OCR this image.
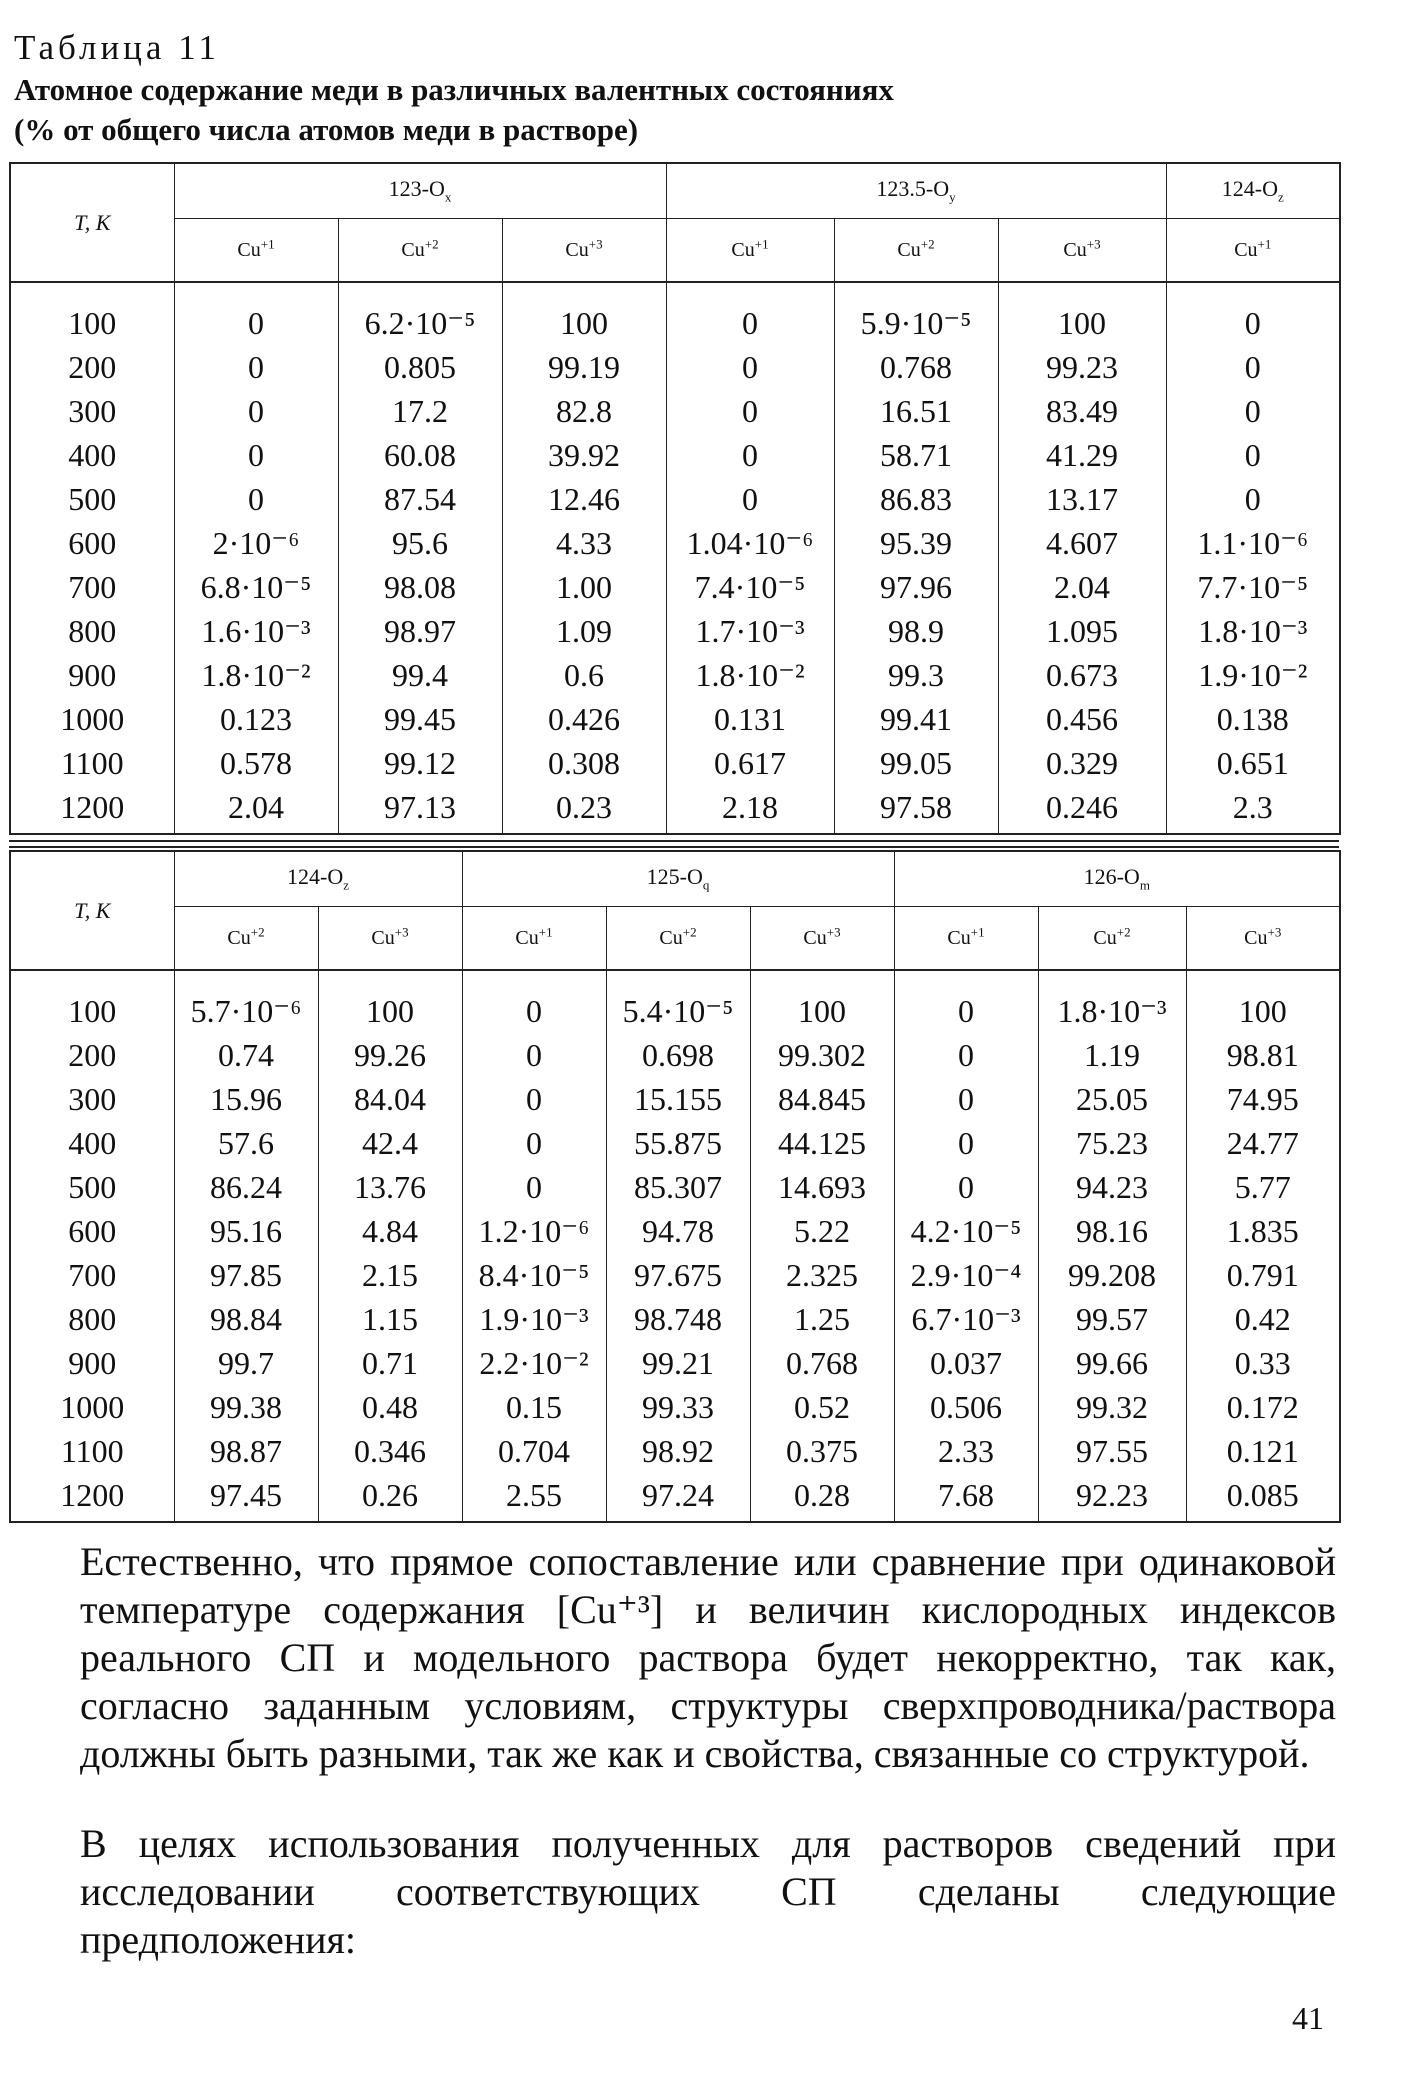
Таблица 11
Атомное содержание меди в различных валентных состояниях
(% от общего числа атомов меди в растворе)
T, K	$123-O_x$			$123.5-O_y$			$124-O_z$
	$Cu^{+1}$	$Cu^{+2}$	$Cu^{+3}$	$Cu^{+1}$	$Cu^{+2}$	$Cu^{+3}$	$Cu^{+1}$
100	0	6.2·10⁻⁵	100	0	5.9·10⁻⁵	100	0
200	0	0.805	99.19	0	0.768	99.23	0
300	0	17.2	82.8	0	16.51	83.49	0
400	0	60.08	39.92	0	58.71	41.29	0
500	0	87.54	12.46	0	86.83	13.17	0
600	2·10⁻⁶	95.6	4.33	1.04·10⁻⁶	95.39	4.607	1.1·10⁻⁶
700	6.8·10⁻⁵	98.08	1.00	7.4·10⁻⁵	97.96	2.04	7.7·10⁻⁵
800	1.6·10⁻³	98.97	1.09	1.7·10⁻³	98.9	1.095	1.8·10⁻³
900	1.8·10⁻²	99.4	0.6	1.8·10⁻²	99.3	0.673	1.9·10⁻²
1000	0.123	99.45	0.426	0.131	99.41	0.456	0.138
1100	0.578	99.12	0.308	0.617	99.05	0.329	0.651
1200	2.04	97.13	0.23	2.18	97.58	0.246	2.3
T, K	$124-O_z$		$125-O_q$			$126-O_m$
	$Cu^{+2}$	$Cu^{+3}$	$Cu^{+1}$	$Cu^{+2}$	$Cu^{+3}$	$Cu^{+1}$	$Cu^{+2}$	$Cu^{+3}$
100	5.7·10⁻⁶	100	0	5.4·10⁻⁵	100	0	1.8·10⁻³	100
200	0.74	99.26	0	0.698	99.302	0	1.19	98.81
300	15.96	84.04	0	15.155	84.845	0	25.05	74.95
400	57.6	42.4	0	55.875	44.125	0	75.23	24.77
500	86.24	13.76	0	85.307	14.693	0	94.23	5.77
600	95.16	4.84	1.2·10⁻⁶	94.78	5.22	4.2·10⁻⁵	98.16	1.835
700	97.85	2.15	8.4·10⁻⁵	97.675	2.325	2.9·10⁻⁴	99.208	0.791
800	98.84	1.15	1.9·10⁻³	98.748	1.25	6.7·10⁻³	99.57	0.42
900	99.7	0.71	2.2·10⁻²	99.21	0.768	0.037	99.66	0.33
1000	99.38	0.48	0.15	99.33	0.52	0.506	99.32	0.172
1100	98.87	0.346	0.704	98.92	0.375	2.33	97.55	0.121
1200	97.45	0.26	2.55	97.24	0.28	7.68	92.23	0.085
Естественно, что прямое сопоставление или сравнение при одинаковой температуре содержания [Cu⁺³] и величин кислородных индексов реального СП и модельного раствора будет некорректно, так как, согласно заданным условиям, структуры сверхпроводника/раствора должны быть разными, так же как и свойства, связанные со структурой.
В целях использования полученных для растворов сведений при исследовании соответствующих СП сделаны следующие предположения:
41
